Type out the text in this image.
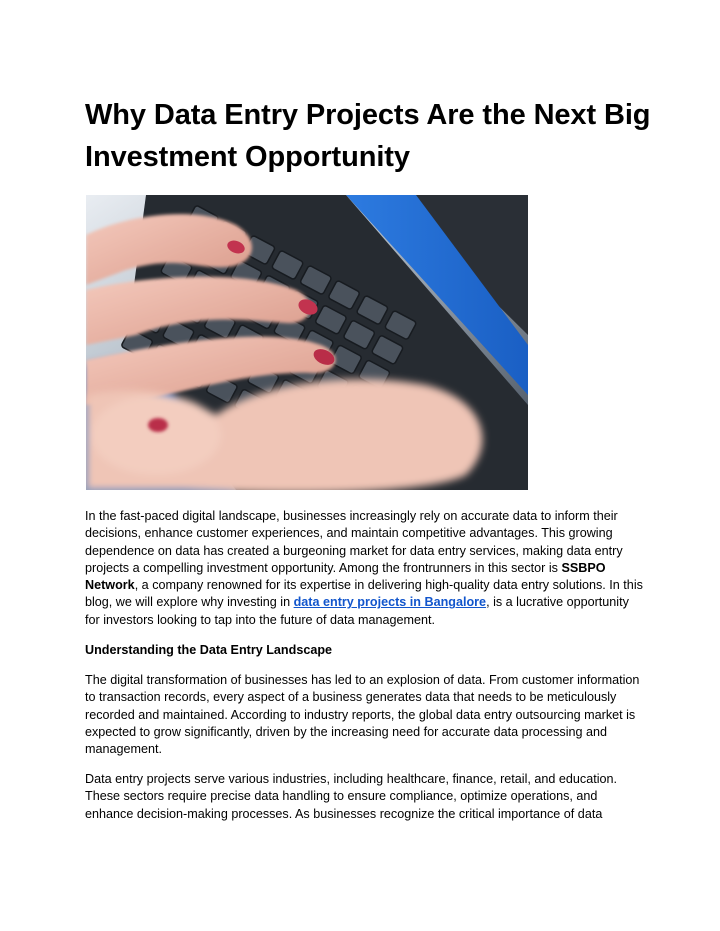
Why Data Entry Projects Are the Next Big Investment Opportunity

In the fast-paced digital landscape, businesses increasingly rely on accurate data to inform their decisions, enhance customer experiences, and maintain competitive advantages. This growing dependence on data has created a burgeoning market for data entry services, making data entry projects a compelling investment opportunity. Among the frontrunners in this sector is SSBPO Network, a company renowned for its expertise in delivering high-quality data entry solutions. In this blog, we will explore why investing in data entry projects in Bangalore, is a lucrative opportunity for investors looking to tap into the future of data management.

Understanding the Data Entry Landscape

The digital transformation of businesses has led to an explosion of data. From customer information to transaction records, every aspect of a business generates data that needs to be meticulously recorded and maintained. According to industry reports, the global data entry outsourcing market is expected to grow significantly, driven by the increasing need for accurate data processing and management.

Data entry projects serve various industries, including healthcare, finance, retail, and education. These sectors require precise data handling to ensure compliance, optimize operations, and enhance decision-making processes. As businesses recognize the critical importance of data
